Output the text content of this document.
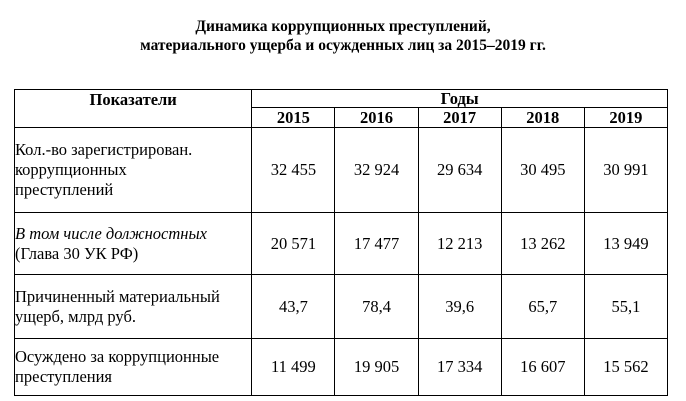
Динамика коррупционных преступлений,
материального ущерба и осужденных лиц за 2015–2019 гг.
Показатели	Годы				
	2015	2016	2017	2018	2019

Кол.-во зарегистрирован.
коррупционных
преступлений	32 455	32 924	29 634	30 495	30 991

В том числе должностных
(Глава 30 УК РФ)	20 571	17 477	12 213	13 262	13 949

Причиненный материальный
ущерб, млрд руб.	43,7	78,4	39,6	65,7	55,1

Осуждено за коррупционные
преступления	11 499	19 905	17 334	16 607	15 562
